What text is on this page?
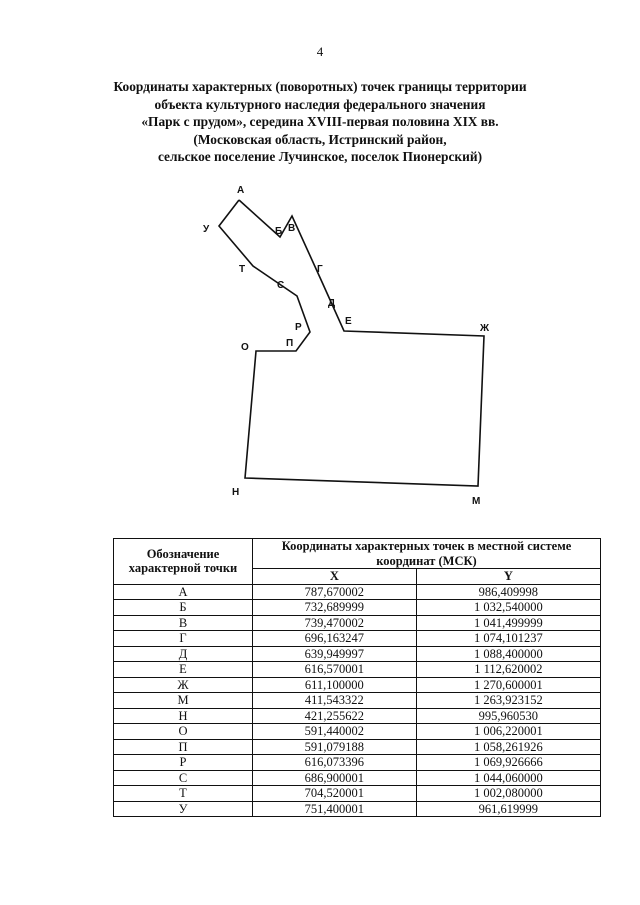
4
Координаты характерных (поворотных) точек границы территории
объекта культурного наследия федерального значения
«Парк с прудом», середина XVIII-первая половина XIX вв.
(Московская область, Истринский район,
сельское поселение Лучинское, поселок Пионерский)
А
Б В
Г
Д
Е
Ж
М
Н
О	П
Р
С
Т
У
Обозначение характерной точки	Координаты характерных точек в местной системе координат (МСК)	
	X	Y
А	787,670002	986,409998
Б	732,689999	1 032,540000
В	739,470002	1 041,499999
Г	696,163247	1 074,101237
Д	639,949997	1 088,400000
Е	616,570001	1 112,620002
Ж	611,100000	1 270,600001
М	411,543322	1 263,923152
Н	421,255622	995,960530
О	591,440002	1 006,220001
П	591,079188	1 058,261926
Р	616,073396	1 069,926666
С	686,900001	1 044,060000
Т	704,520001	1 002,080000
У	751,400001	961,619999
